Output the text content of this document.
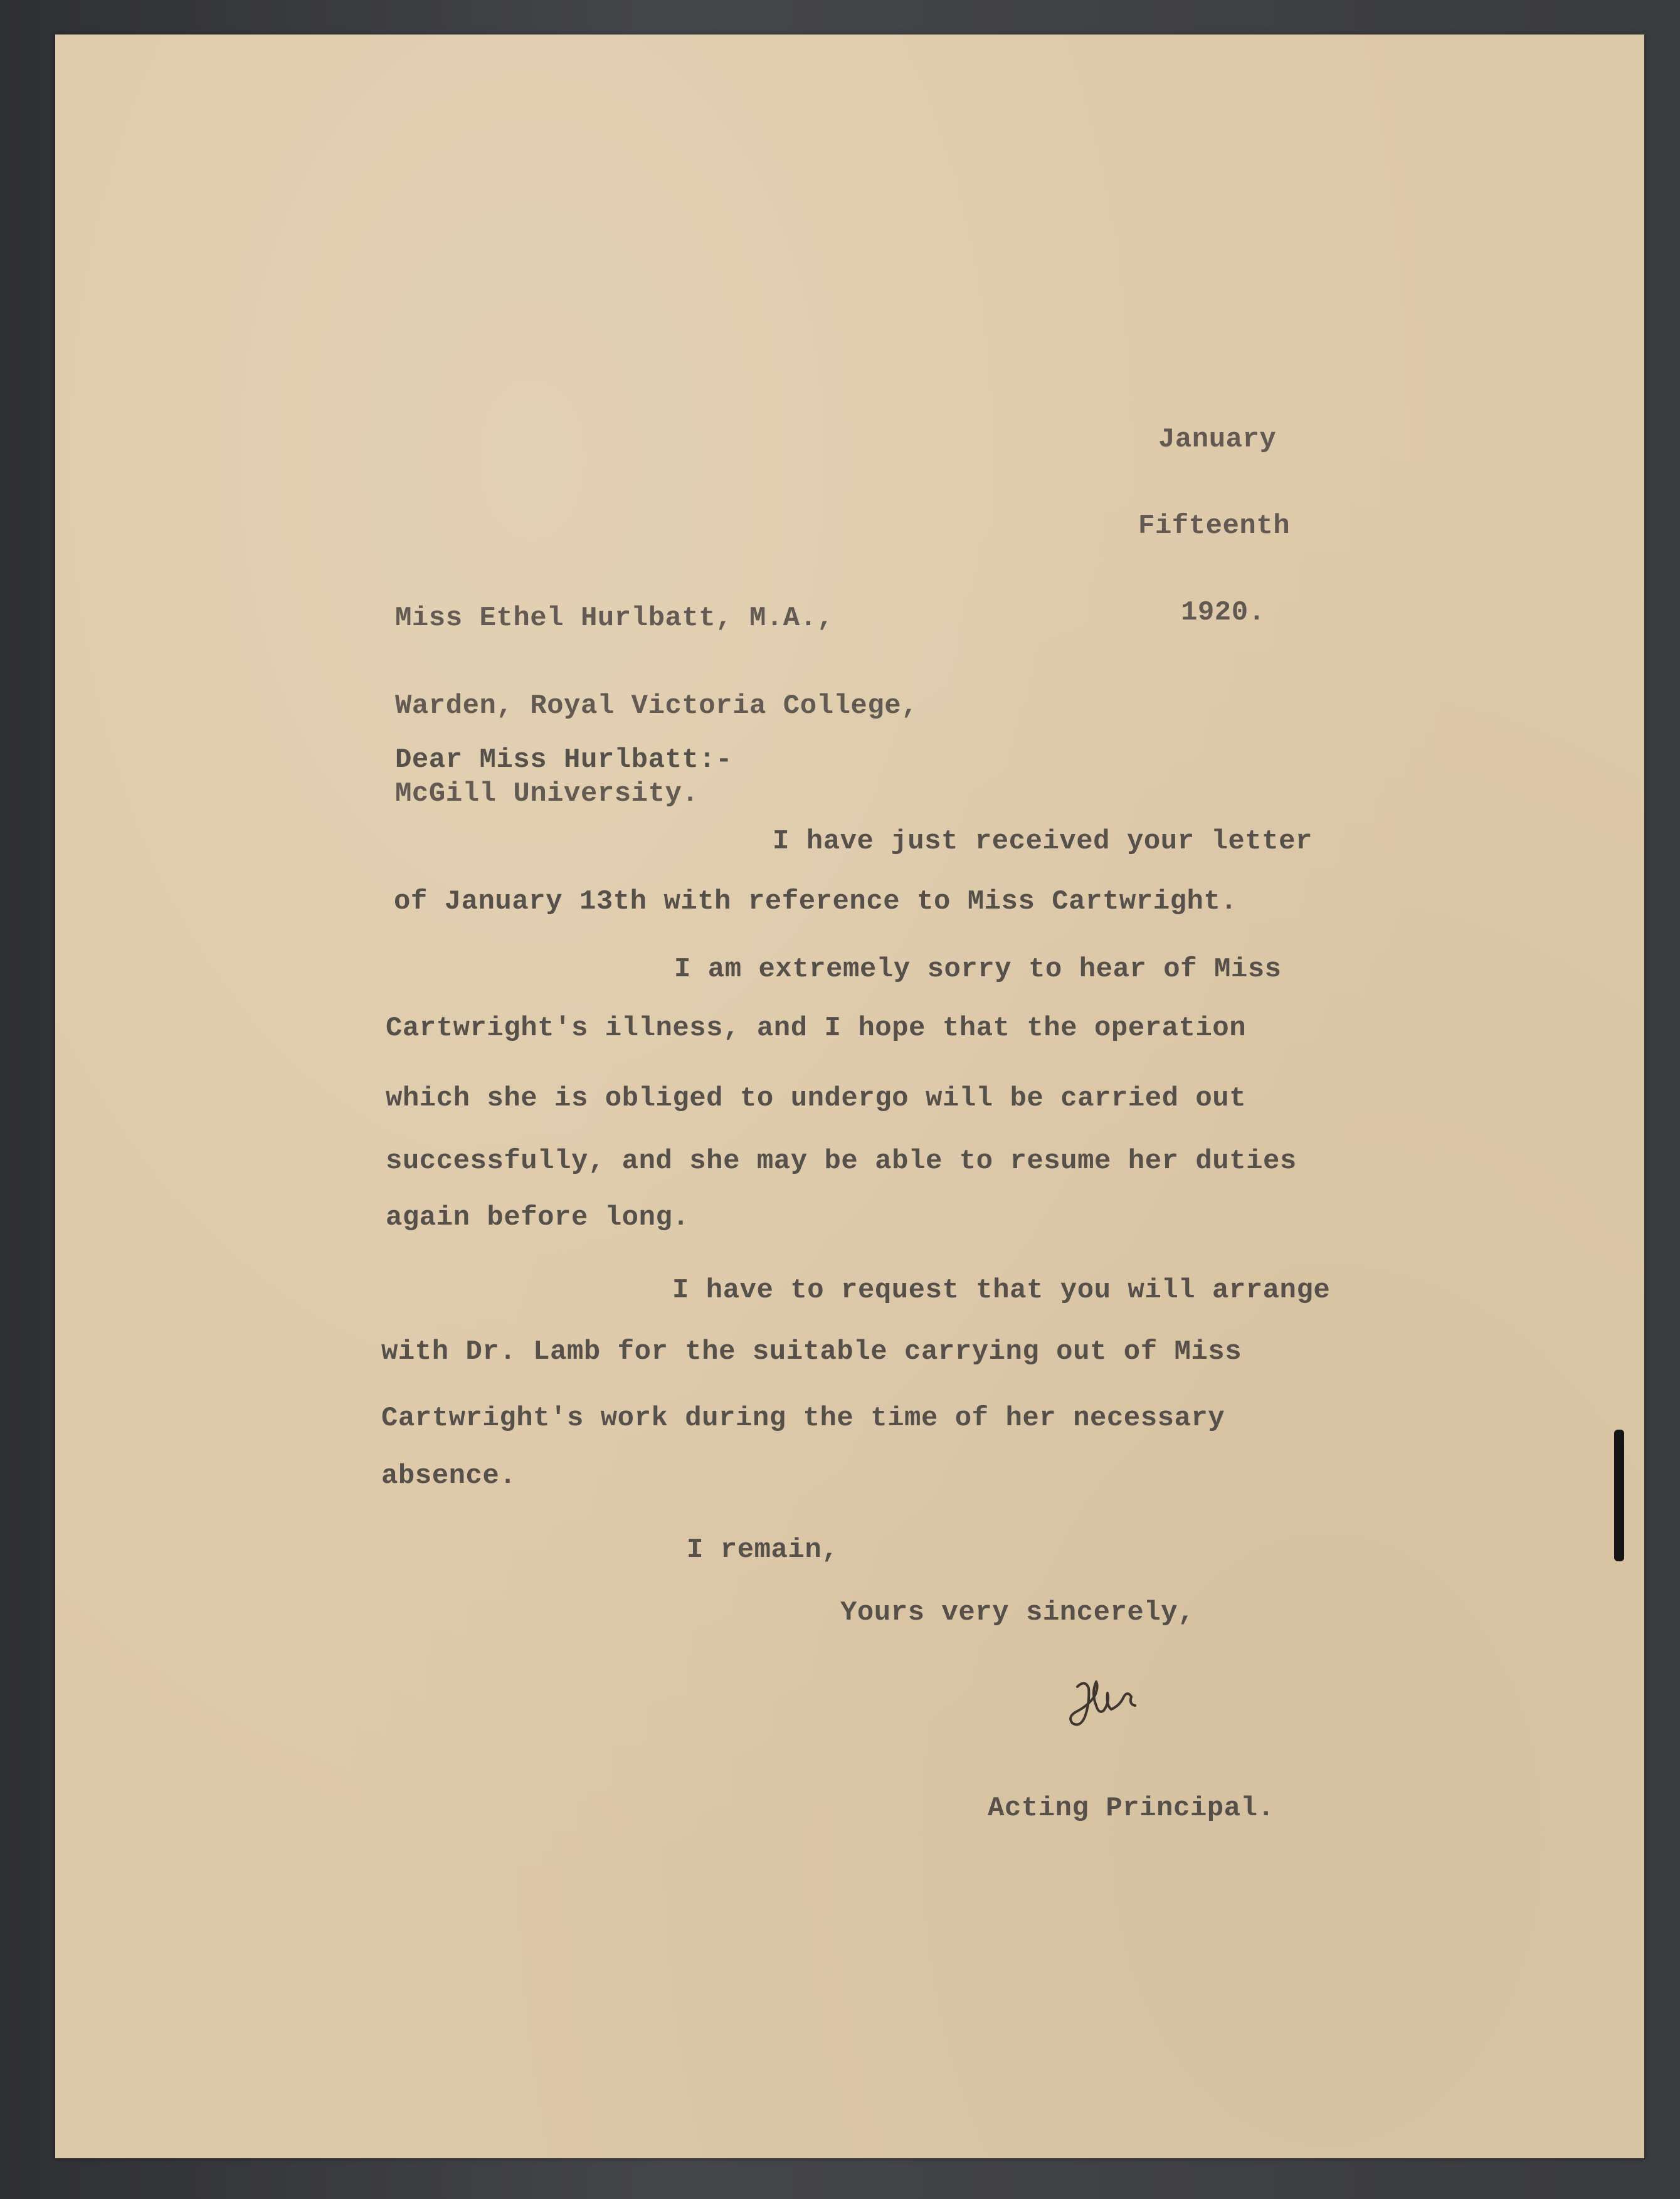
January

Fifteenth

1920.

Miss Ethel Hurlbatt, M.A.,

Warden, Royal Victoria College,

McGill University.

Dear Miss Hurlbatt:-
I have just received your letter
of January 13th with reference to Miss Cartwright.
I am extremely sorry to hear of Miss
Cartwright's illness, and I hope that the operation
which she is obliged to undergo will be carried out
successfully, and she may be able to resume her duties
again before long.
I have to request that you will arrange
with Dr. Lamb for the suitable carrying out of Miss
Cartwright's work during the time of her necessary
absence.
I remain,
Yours very sincerely,
Acting Principal.
